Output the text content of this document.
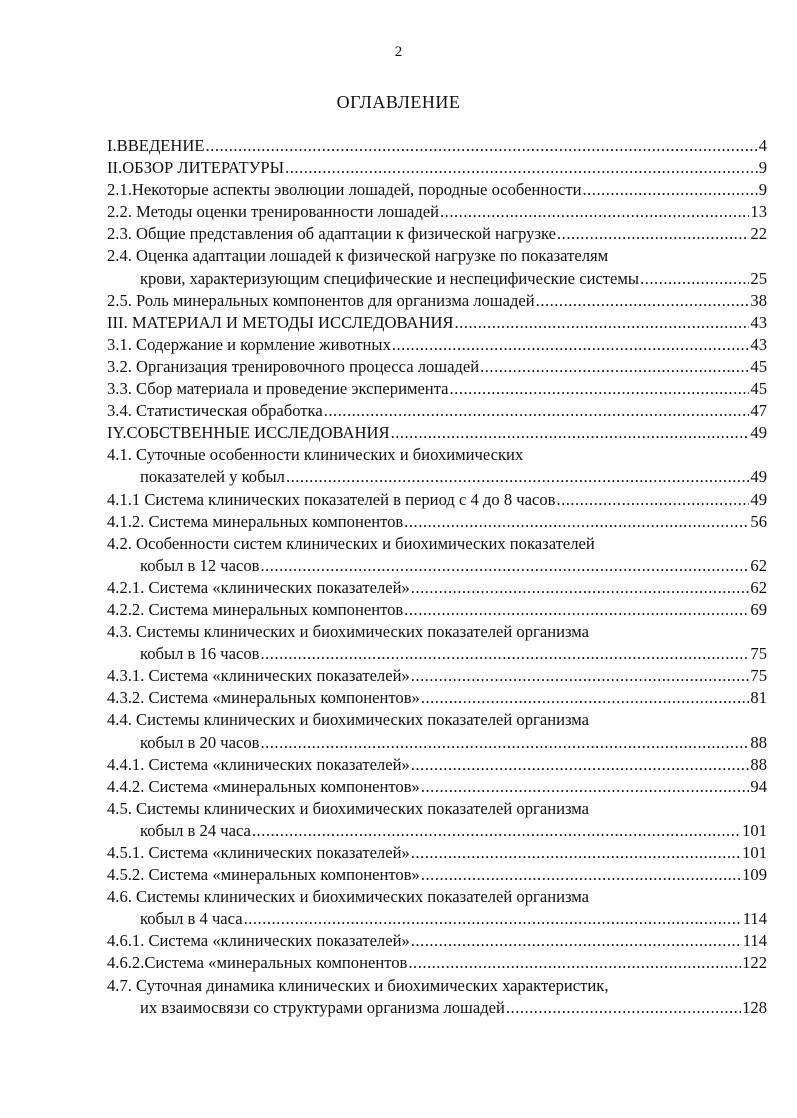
2
ОГЛАВЛЕНИЕ
I.ВВЕДЕНИЕ .....	4
II.ОБЗОР ЛИТЕРАТУРЫ .....	9
2.1.Некоторые аспекты эволюции лошадей, породные особенности .....	9
2.2. Методы оценки тренированности лошадей .....	13
2.3. Общие представления об адаптации к физической нагрузке .....	22
2.4. Оценка адаптации лошадей к физической нагрузке по показателям
крови, характеризующим специфические и неспецифические системы .....	25
2.5. Роль минеральных компонентов для организма лошадей .....	38
III. МАТЕРИАЛ И МЕТОДЫ ИССЛЕДОВАНИЯ .....	43
3.1. Содержание и кормление животных .....	43
3.2. Организация тренировочного процесса лошадей .....	45
3.3. Сбор материала и проведение эксперимента .....	45
3.4. Статистическая обработка .....	47
IY.СОБСТВЕННЫЕ ИССЛЕДОВАНИЯ .....	49
4.1. Суточные особенности клинических и биохимических
показателей у кобыл .....	49
4.1.1 Система клинических показателей в период с 4 до 8 часов .....	49
4.1.2. Система минеральных компонентов .....	56
4.2. Особенности систем клинических и биохимических показателей
кобыл в 12 часов .....	62
4.2.1. Система «клинических показателей» .....	62
4.2.2. Система минеральных компонентов .....	69
4.3. Системы клинических и биохимических показателей организма
кобыл в 16 часов .....	75
4.3.1. Система «клинических показателей» .....	75
4.3.2. Система «минеральных компонентов» .....	81
4.4. Системы клинических и биохимических показателей организма
кобыл в 20 часов .....	88
4.4.1. Система «клинических показателей» .....	88
4.4.2. Система «минеральных компонентов» .....	94
4.5. Системы клинических и биохимических показателей организма
кобыл в 24 часа .....	101
4.5.1. Система «клинических показателей» .....	101
4.5.2. Система «минеральных компонентов» .....	109
4.6. Системы клинических и биохимических показателей организма
кобыл в 4 часа .....	114
4.6.1. Система «клинических показателей» .....	114
4.6.2.Система «минеральных компонентов .....	122
4.7. Суточная динамика клинических и биохимических характеристик,
их взаимосвязи со структурами организма лошадей .....	128
